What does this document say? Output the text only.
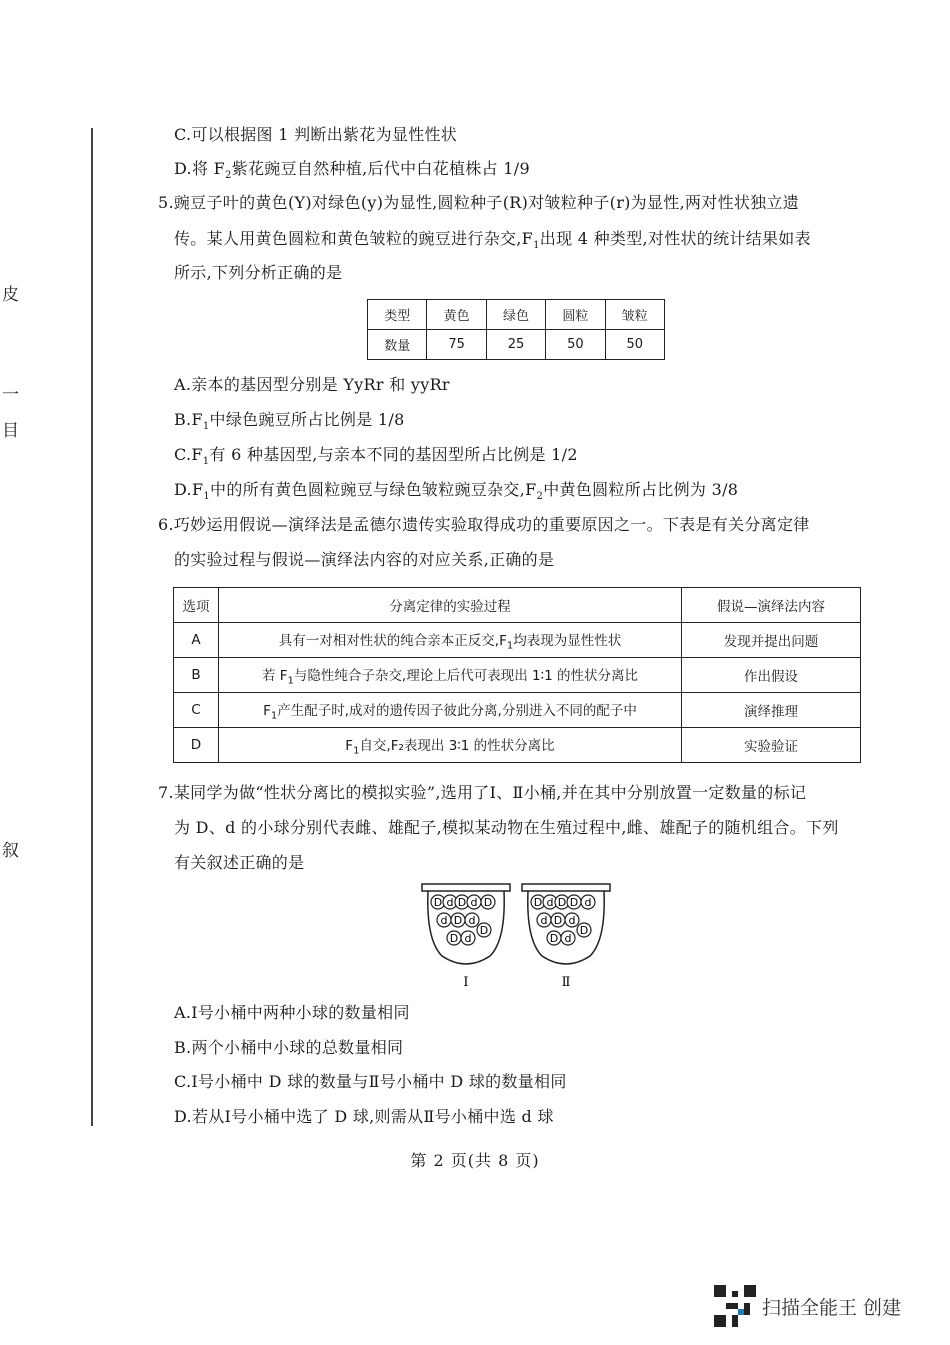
皮
一
目
叙
C.可以根据图 1 判断出紫花为显性性状
D.将 $F_2$紫花豌豆自然种植,后代中白花植株占 1/9
5.豌豆子叶的黄色(Y)对绿色(y)为显性,圆粒种子(R)对皱粒种子(r)为显性,两对性状独立遗
传。某人用黄色圆粒和黄色皱粒的豌豆进行杂交$,F_1$出现 4 种类型,对性状的统计结果如表
所示,下列分析正确的是
类型	黄色	绿色	圆粒	皱粒
数量	75	25	50	50
A.亲本的基因型分别是 YyRr 和 yyRr
$B.F_1$中绿色豌豆所占比例是 1/8
$C.F_1$有 6 种基因型,与亲本不同的基因型所占比例是 1/2
$D.F_1$中的所有黄色圆粒豌豆与绿色皱粒豌豆杂交$,F_2$中黄色圆粒所占比例为 3/8
6.巧妙运用假说—演绎法是孟德尔遗传实验取得成功的重要原因之一。下表是有关分离定律
的实验过程与假说—演绎法内容的对应关系,正确的是
选项	分离定律的实验过程	假说—演绎法内容
A	具有一对相对性状的纯合亲本正反交$,F_1$均表现为显性性状	发现并提出问题
B	若 $F_1$与隐性纯合子杂交,理论上后代可表现出 1∶1 的性状分离比	作出假设
C	$F_1$产生配子时,成对的遗传因子彼此分离,分别进入不同的配子中	演绎推理
D	$F_1$自交,F₂表现出 3∶1 的性状分离比	实验验证
7.某同学为做“性状分离比的模拟实验”,选用了Ⅰ、Ⅱ小桶,并在其中分别放置一定数量的标记
为 D、d 的小球分别代表雌、雄配子,模拟某动物在生殖过程中,雌、雄配子的随机组合。下列
有关叙述正确的是
D d D d D
d D d
D
D d
D d D D d
d D d
D
D d
Ⅰ	Ⅱ
A.Ⅰ号小桶中两种小球的数量相同
B.两个小桶中小球的总数量相同
C.Ⅰ号小桶中 D 球的数量与Ⅱ号小桶中 D 球的数量相同
D.若从Ⅰ号小桶中选了 D 球,则需从Ⅱ号小桶中选 d 球
第 2 页(共 8 页)
扫描全能王 创建
